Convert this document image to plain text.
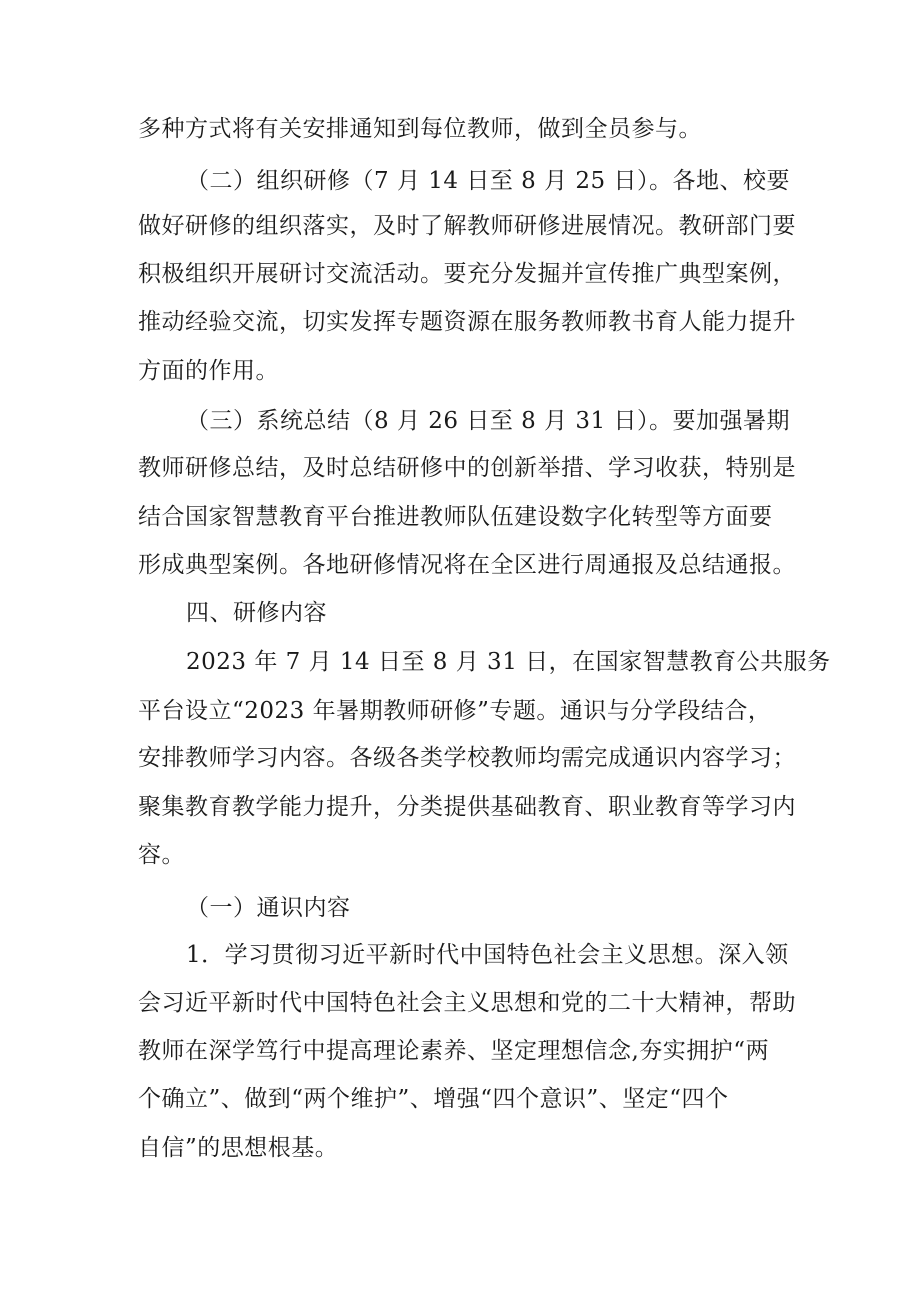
多种方式将有关安排通知到每位教师，做到全员参与。
（二）组织研修（7 月 14 日至 8 月 25 日）。各地、校要
做好研修的组织落实，及时了解教师研修进展情况。教研部门要
积极组织开展研讨交流活动。要充分发掘并宣传推广典型案例，
推动经验交流，切实发挥专题资源在服务教师教书育人能力提升
方面的作用。
（三）系统总结（8 月 26 日至 8 月 31 日）。要加强暑期
教师研修总结，及时总结研修中的创新举措、学习收获，特别是
结合国家智慧教育平台推进教师队伍建设数字化转型等方面要
形成典型案例。各地研修情况将在全区进行周通报及总结通报。
四、研修内容
2023 年 7 月 14 日至 8 月 31 日，在国家智慧教育公共服务
平台设立“2023 年暑期教师研修”专题。通识与分学段结合，
安排教师学习内容。各级各类学校教师均需完成通识内容学习；
聚集教育教学能力提升，分类提供基础教育、职业教育等学习内
容。
（一）通识内容
1．学习贯彻习近平新时代中国特色社会主义思想。深入领
会习近平新时代中国特色社会主义思想和党的二十大精神，帮助
教师在深学笃行中提高理论素养、坚定理想信念,夯实拥护“两
个确立”、做到“两个维护”、增强“四个意识”、坚定“四个
自信”的思想根基。
